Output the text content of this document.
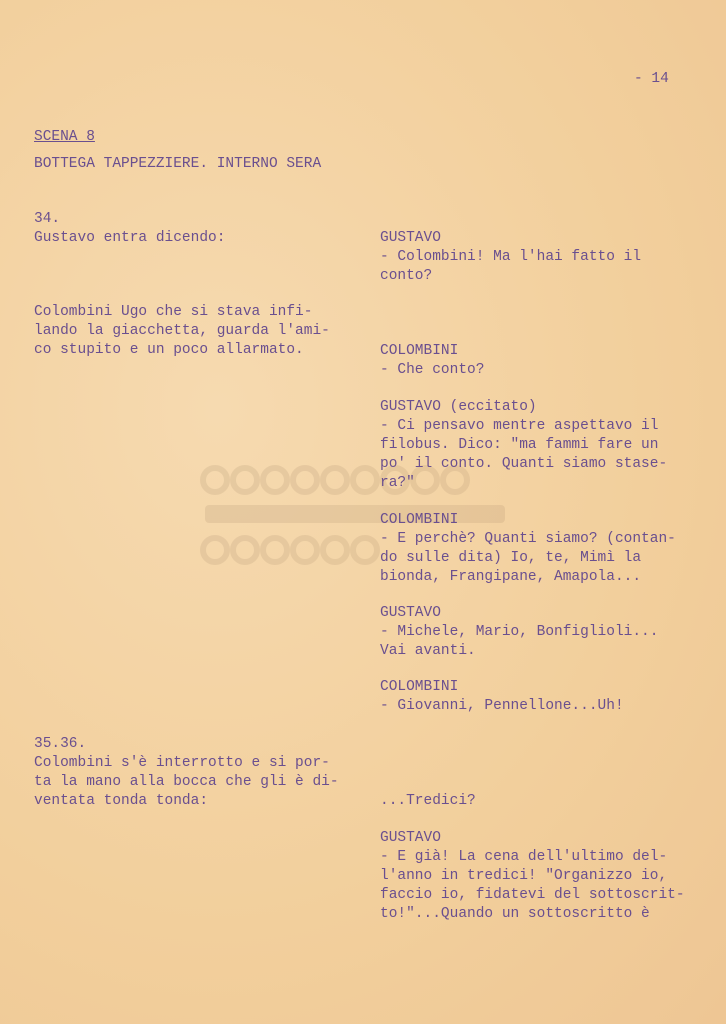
- 14
SCENA 8
BOTTEGA TAPPEZZIERE. INTERNO SERA
34.
Gustavo entra dicendo:
Colombini Ugo che si stava infi-
lando la giacchetta, guarda l'ami-
co stupito e un poco allarmato.
35.36.
Colombini s'è interrotto e si por-
ta la mano alla bocca che gli è di-
ventata tonda tonda:
GUSTAVO
- Colombini! Ma l'hai fatto il
conto?
COLOMBINI
- Che conto?
GUSTAVO (eccitato)
- Ci pensavo mentre aspettavo il
filobus. Dico: "ma fammi fare un
po' il conto. Quanti siamo stase-
ra?"
COLOMBINI
- E perchè? Quanti siamo? (contan-
do sulle dita) Io, te, Mimì la
bionda, Frangipane, Amapola...
GUSTAVO
- Michele, Mario, Bonfiglioli...
Vai avanti.
COLOMBINI
- Giovanni, Pennellone...Uh!
...Tredici?
GUSTAVO
- E già! La cena dell'ultimo del-
l'anno in tredici! "Organizzo io,
faccio io, fidatevi del sottoscrit-
to!"...Quando un sottoscritto è
